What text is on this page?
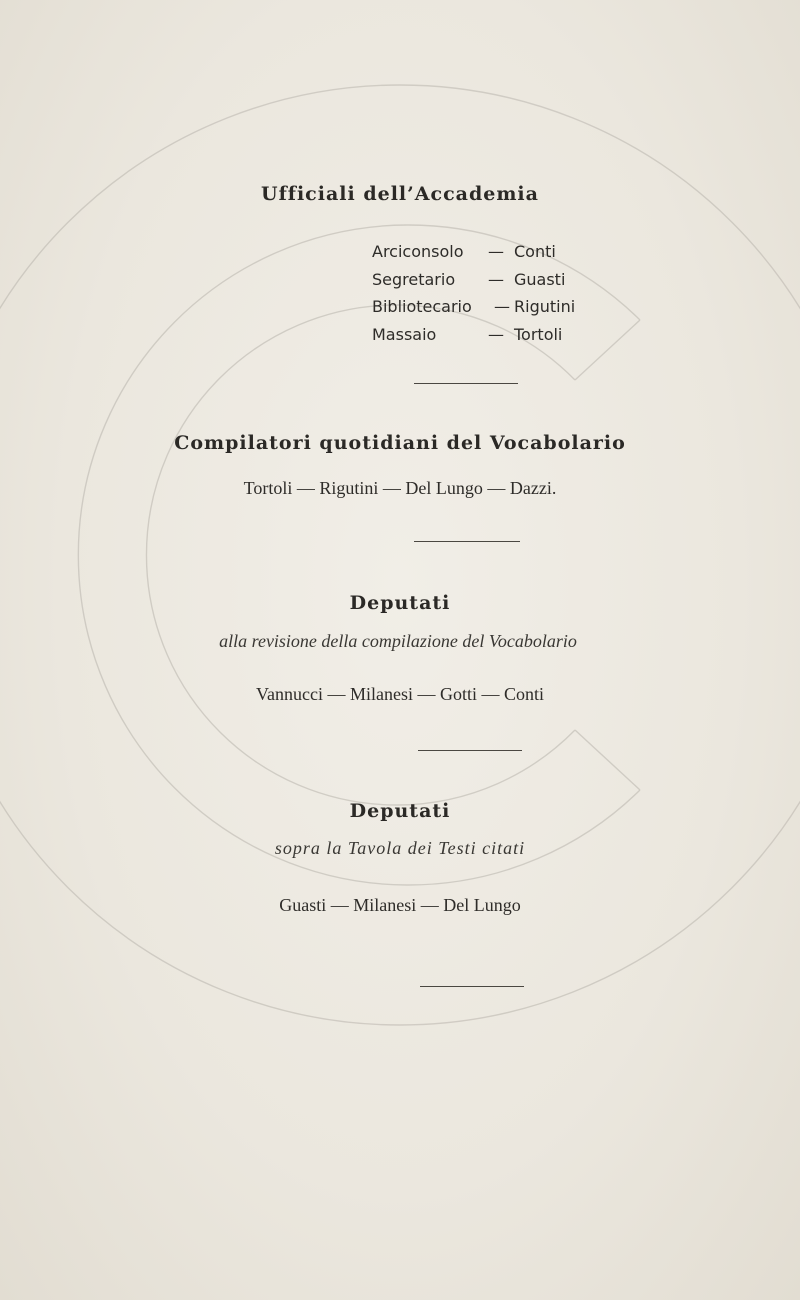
Ufficiali dell’Accademia
Arciconsolo — Conti
Segretario — Guasti
Bibliotecario — Rigutini
Massaio	— Tortoli
Compilatori quotidiani del Vocabolario
Tortoli — Rigutini — Del Lungo — Dazzi.
Deputati
alla revisione della compilazione del Vocabolario
Vannucci — Milanesi — Gotti — Conti
Deputati
sopra la Tavola dei Testi citati
Guasti — Milanesi — Del Lungo
